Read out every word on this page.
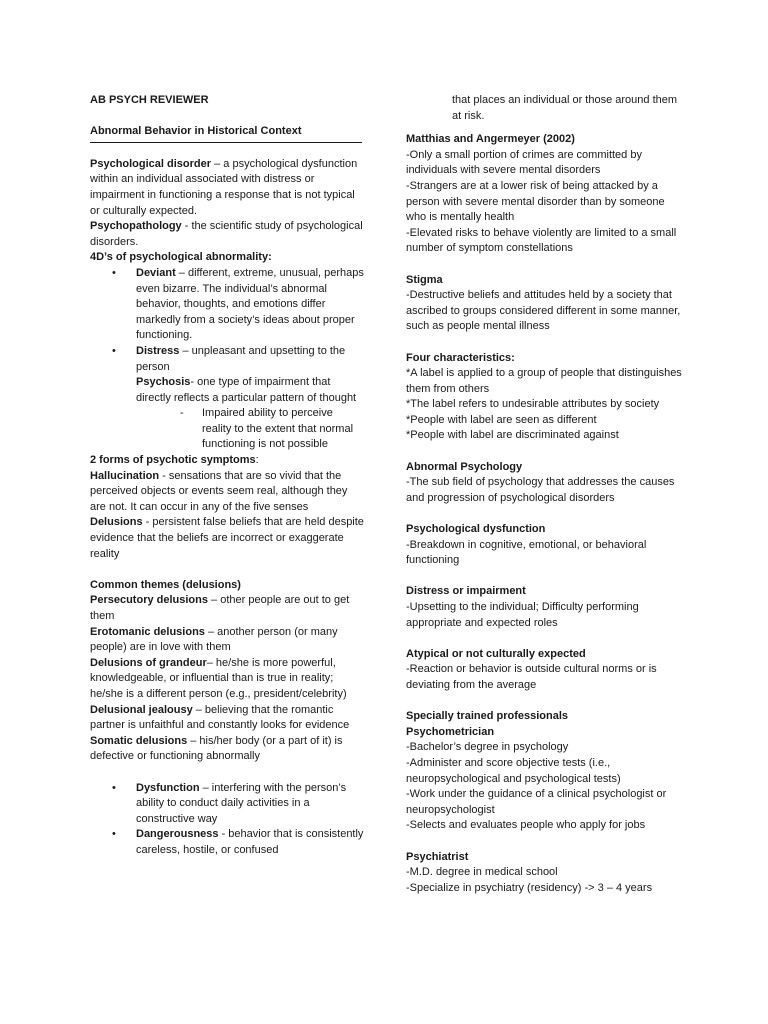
AB PSYCH REVIEWER
Abnormal Behavior in Historical Context
Psychological disorder – a psychological dysfunction within an individual associated with distress or impairment in functioning a response that is not typical or culturally expected.
Psychopathology - the scientific study of psychological disorders.
4D’s of psychological abnormality:
•	Deviant – different, extreme, unusual, perhaps even bizarre. The individual’s abnormal behavior, thoughts, and emotions differ markedly from a society’s ideas about proper functioning.
•	Distress – unpleasant and upsetting to the person
Psychosis- one type of impairment that directly reflects a particular pattern of thought
- Impaired ability to perceive reality to the extent that normal functioning is not possible
2 forms of psychotic symptoms:
Hallucination - sensations that are so vivid that the perceived objects or events seem real, although they are not. It can occur in any of the five senses
Delusions - persistent false beliefs that are held despite evidence that the beliefs are incorrect or exaggerate reality
Common themes (delusions)
Persecutory delusions – other people are out to get them
Erotomanic delusions – another person (or many people) are in love with them
Delusions of grandeur– he/she is more powerful, knowledgeable, or influential than is true in reality; he/she is a different person (e.g., president/celebrity)
Delusional jealousy – believing that the romantic partner is unfaithful and constantly looks for evidence
Somatic delusions – his/her body (or a part of it) is defective or functioning abnormally
•	Dysfunction – interfering with the person’s ability to conduct daily activities in a constructive way
•	Dangerousness - behavior that is consistently careless, hostile, or confused
that places an individual or those around them at risk.
Matthias and Angermeyer (2002)
-Only a small portion of crimes are committed by individuals with severe mental disorders
-Strangers are at a lower risk of being attacked by a person with severe mental disorder than by someone who is mentally health
-Elevated risks to behave violently are limited to a small number of symptom constellations
Stigma
-Destructive beliefs and attitudes held by a society that ascribed to groups considered different in some manner, such as people mental illness
Four characteristics:
*A label is applied to a group of people that distinguishes them from others
*The label refers to undesirable attributes by society
*People with label are seen as different
*People with label are discriminated against
Abnormal Psychology
-The sub field of psychology that addresses the causes and progression of psychological disorders
Psychological dysfunction
-Breakdown in cognitive, emotional, or behavioral functioning
Distress or impairment
-Upsetting to the individual; Difficulty performing appropriate and expected roles
Atypical or not culturally expected
-Reaction or behavior is outside cultural norms or is deviating from the average
Specially trained professionals
Psychometrician
-Bachelor’s degree in psychology
-Administer and score objective tests (i.e., neuropsychological and psychological tests)
-Work under the guidance of a clinical psychologist or neuropsychologist
-Selects and evaluates people who apply for jobs
Psychiatrist
-M.D. degree in medical school
-Specialize in psychiatry (residency) -> 3 – 4 years
